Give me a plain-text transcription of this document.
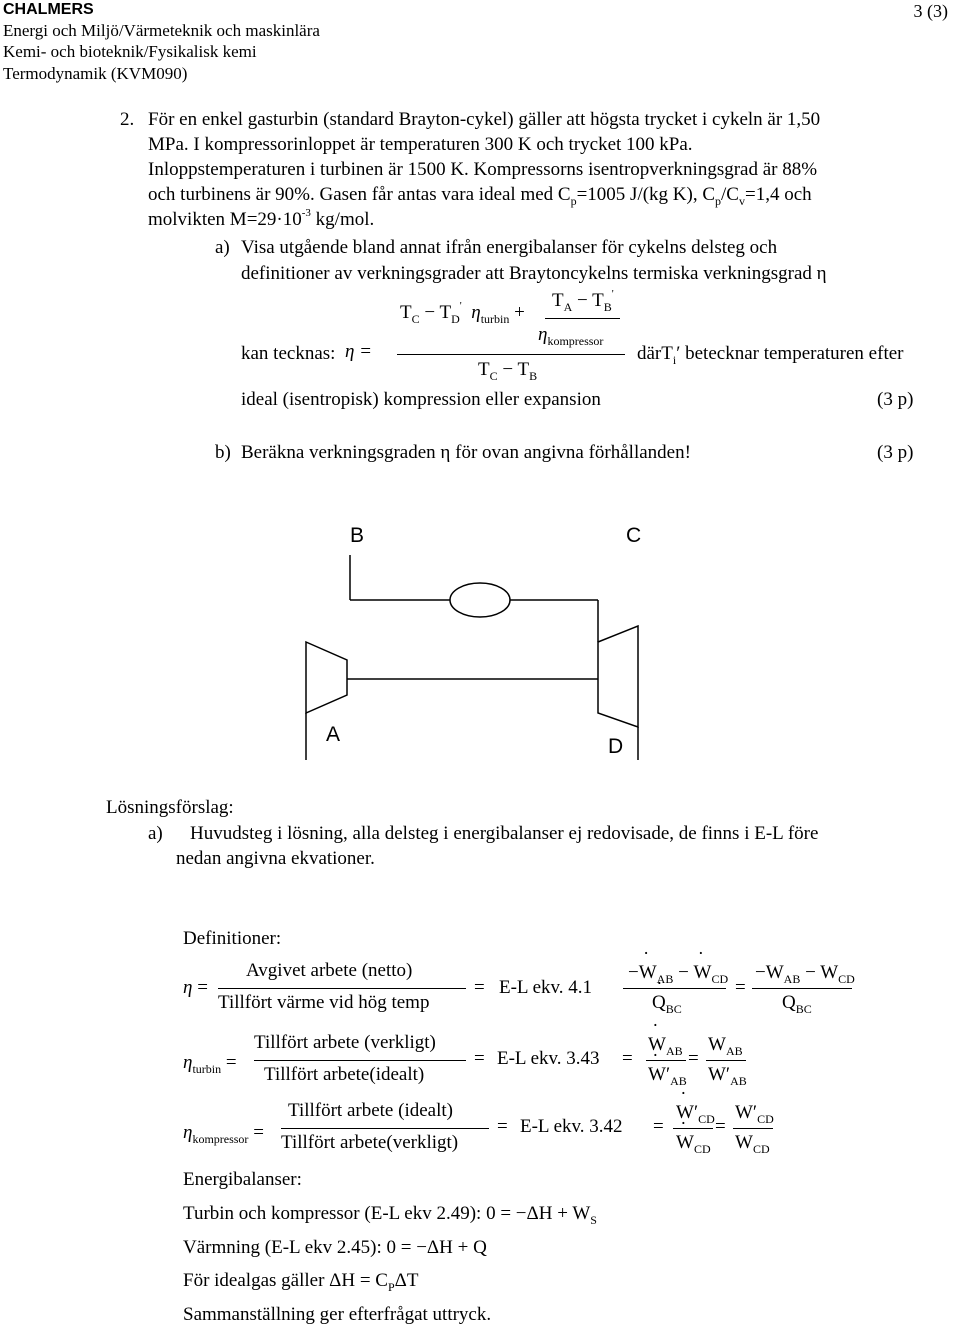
CHALMERS	3 (3)
Energi och Miljö/Värmeteknik och maskinlära
Kemi- och bioteknik/Fysikalisk kemi
Termodynamik (KVM090)
2. För en enkel gasturbin (standard Brayton-cykel) gäller att högsta trycket i cykeln är 1,50
MPa. I kompressorinloppet är temperaturen 300 K och trycket 100 kPa.
Inloppstemperaturen i turbinen är 1500 K. Kompressorns isentropverkningsgrad är 88%
och turbinens är 90%. Gasen får antas vara ideal med $C_p=1005$ J/(kg K), $C_p/C_v=1,4$ och
molvikten $M=29\cdot 10^{-3}$ kg/mol.
a) Visa utgående bland annat ifrån energibalanser för cykelns delsteg och
definitioner av verkningsgrader att Braytoncykelns termiska verkningsgrad η
$T_C - T_D'$ $\eta_{turbin}$ +
$T_A - T_B'$
$\eta_{kompressor}$
kan tecknas: η =
$T_C - T_B$
därT$_i$′ betecknar temperaturen efter
ideal (isentropisk) kompression eller expansion	(3 p)
b) Beräkna verkningsgraden η för ovan angivna förhållanden!	(3 p)
B	C
A
D
Lösningsförslag:
a) Huvudsteg i lösning, alla delsteg i energibalanser ej redovisade, de finns i E-L före
nedan angivna ekvationer.
Definitioner:
η =
Avgivet arbete (netto)
Tillfört värme vid hög temp
= E-L ekv. 4.1
−˙ $W_{AB}$ − ˙ $W_{CD}$
˙ $Q_{BC}$
=
$-W_{AB} - W_{CD}$
$Q_{BC}$
$\eta_{turbin}$ =
Tillfört arbete (verkligt)
Tillfört arbete(idealt)
= E-L ekv. 3.43 =
˙ $W_{AB}$
˙ $W'_{AB}$
=
$W_{AB}$
$W'_{AB}$
$\eta_{kompressor}$ =
Tillfört arbete (idealt)
Tillfört arbete(verkligt)
= E-L ekv. 3.42 =
˙ $W'_{CD}$
˙ $W_{CD}$
=
$W'_{CD}$
$W_{CD}$
Energibalanser:
Turbin och kompressor (E-L ekv 2.49): $0 = -\Delta H + W_S$
Värmning (E-L ekv 2.45): 0 = −ΔH + Q
För idealgas gäller $\Delta H = C_P\Delta T$
Sammanställning ger efterfrågat uttryck.
